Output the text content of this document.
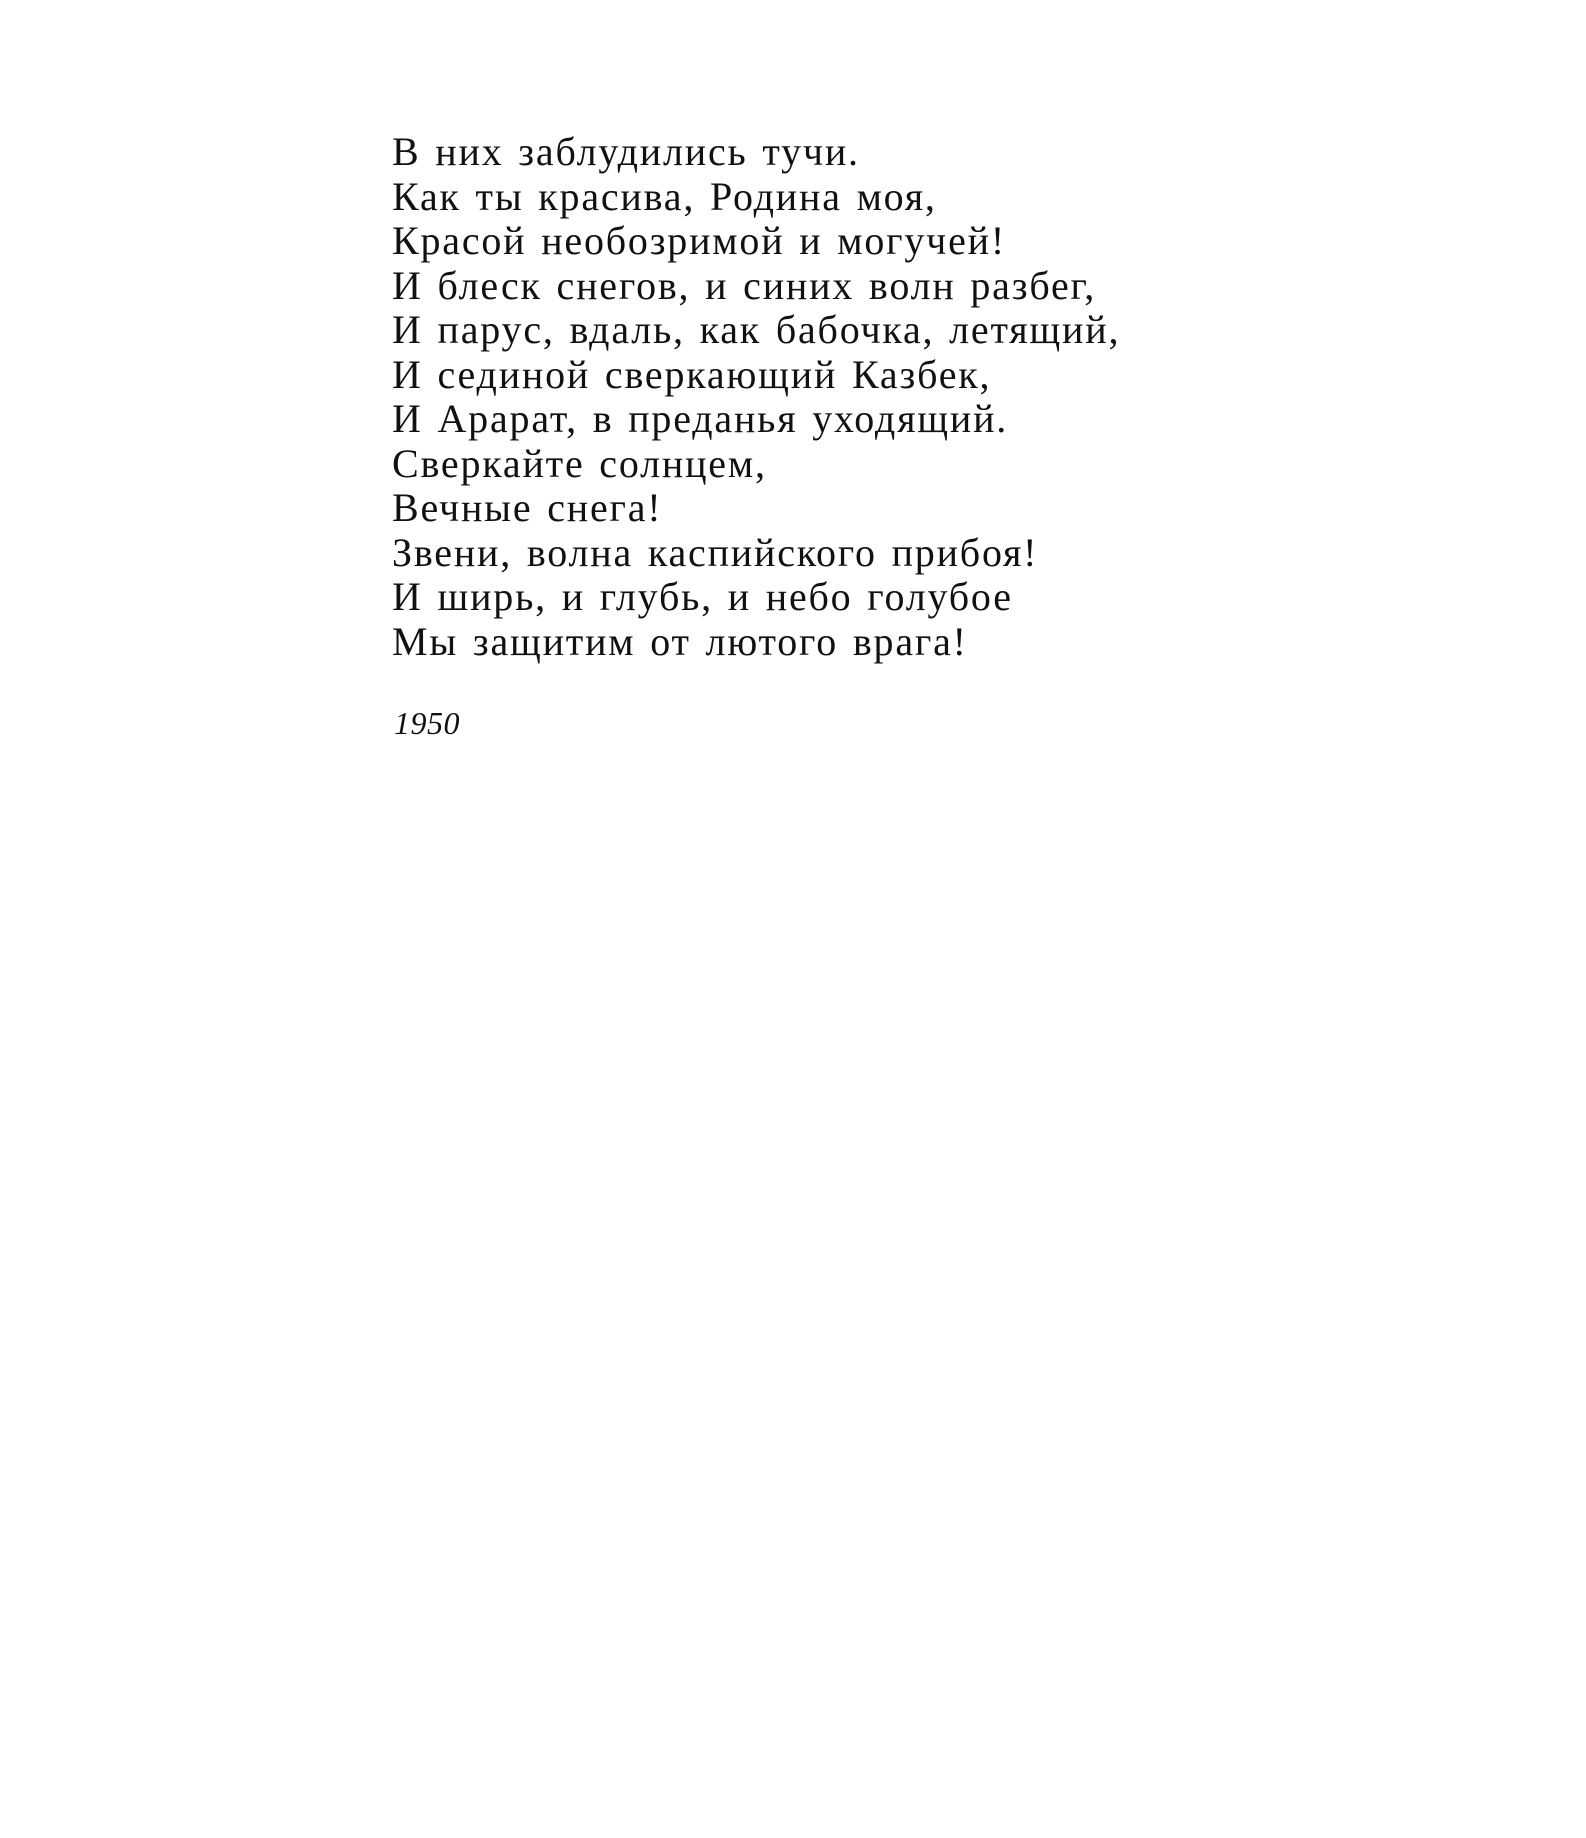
В них заблудились тучи.
Как ты красива, Родина моя,
Красой необозримой и могучей!
И блеск снегов, и синих волн разбег,
И парус, вдаль, как бабочка, летящий,
И сединой сверкающий Казбек,
И Арарат, в преданья уходящий.
Сверкайте солнцем,
Вечные снега!
Звени, волна каспийского прибоя!
И ширь, и глубь, и небо голубое
Мы защитим от лютого врага!
1950
